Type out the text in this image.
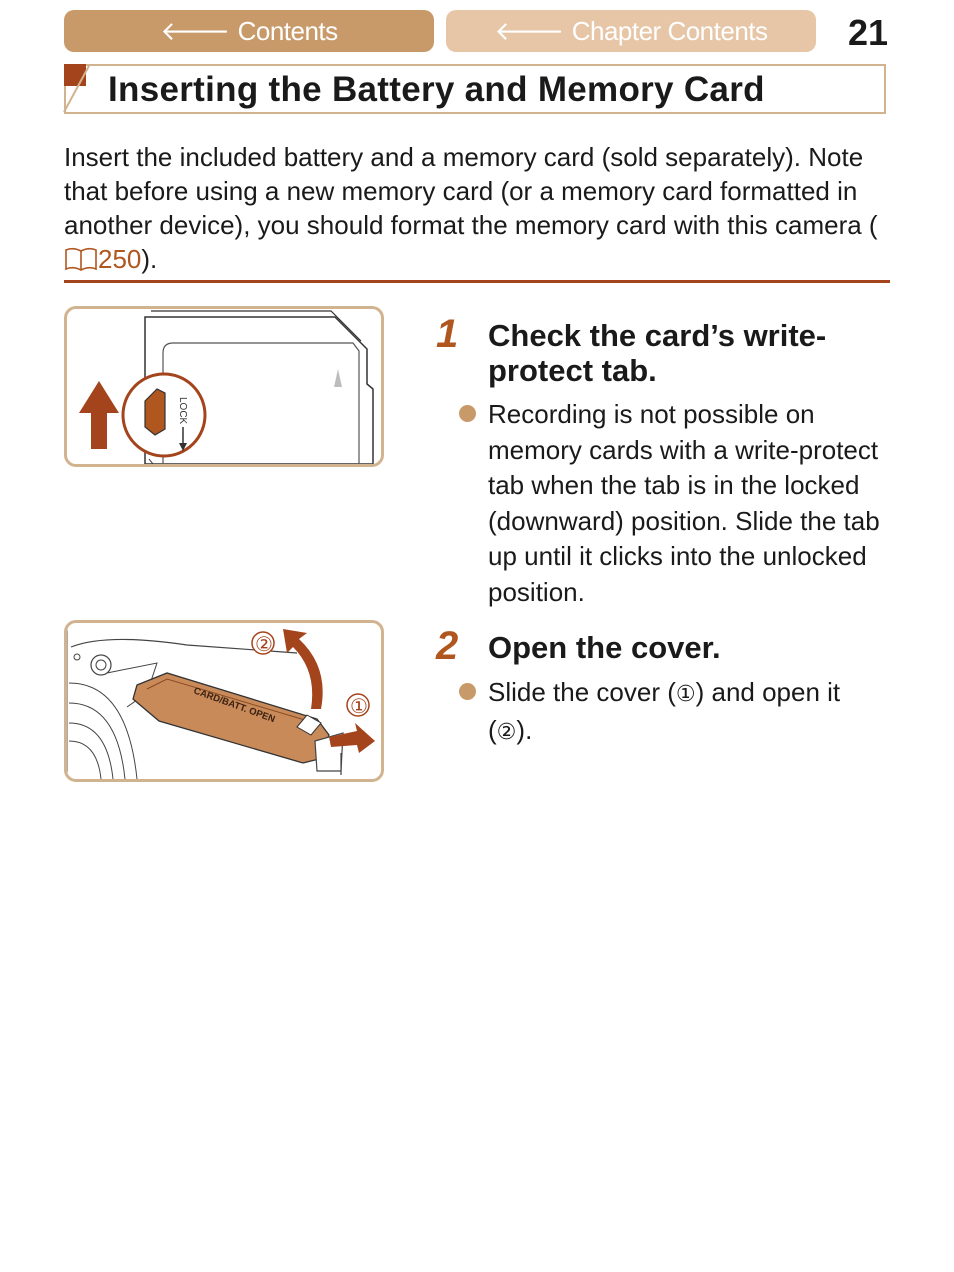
🡐 Contents	🡐 Chapter Contents	21
Inserting the Battery and Memory Card
Insert the included battery and a memory card (sold separately). Note that before using a new memory card (or a memory card formatted in another device), you should format the memory card with this camera (250).
LOCK
CARD/BATT. OPEN
②
①
1 Check the card’s write-protect tab.
Recording is not possible on memory cards with a write-protect tab when the tab is in the locked (downward) position. Slide the tab up until it clicks into the unlocked position.
2 Open the cover.
Slide the cover (①) and open it (②).
